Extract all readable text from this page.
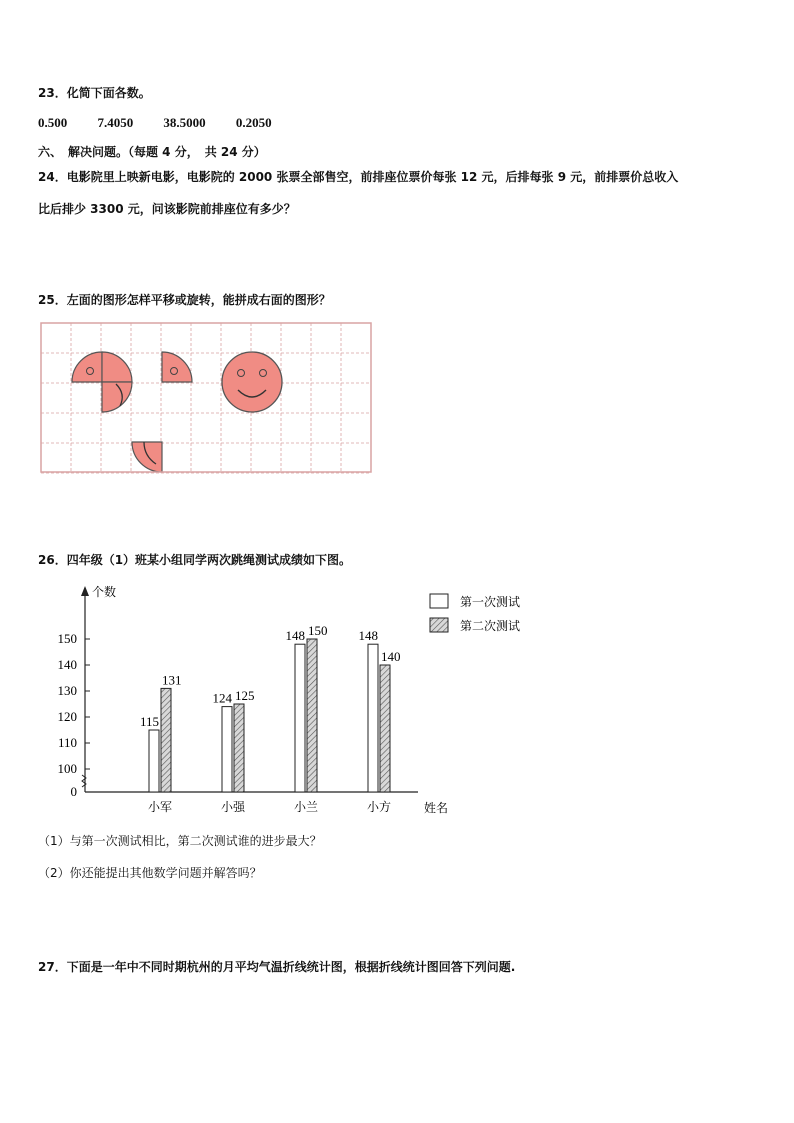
23．化简下面各数。
0.500 7.4050 38.5000 0.2050
六、　解决问题。（每题 4 分，　共 24 分）
24．电影院里上映新电影，电影院的 2000 张票全部售空，前排座位票价每张 12 元，后排每张 9 元，前排票价总收入
比后排少 3300 元，问该影院前排座位有多少？
25．左面的图形怎样平移或旋转，能拼成右面的图形？
26．四年级（1）班某小组同学两次跳绳测试成绩如下图。
0
100
110
120
130
140
150
115
131
124 125
148 150 148
140
小军	小强	小兰	小方
第一次测试
第二次测试
个数
姓名
（1）与第一次测试相比，第二次测试谁的进步最大？
（2）你还能提出其他数学问题并解答吗？
27．下面是一年中不同时期杭州的月平均气温折线统计图，根据折线统计图回答下列问题.
